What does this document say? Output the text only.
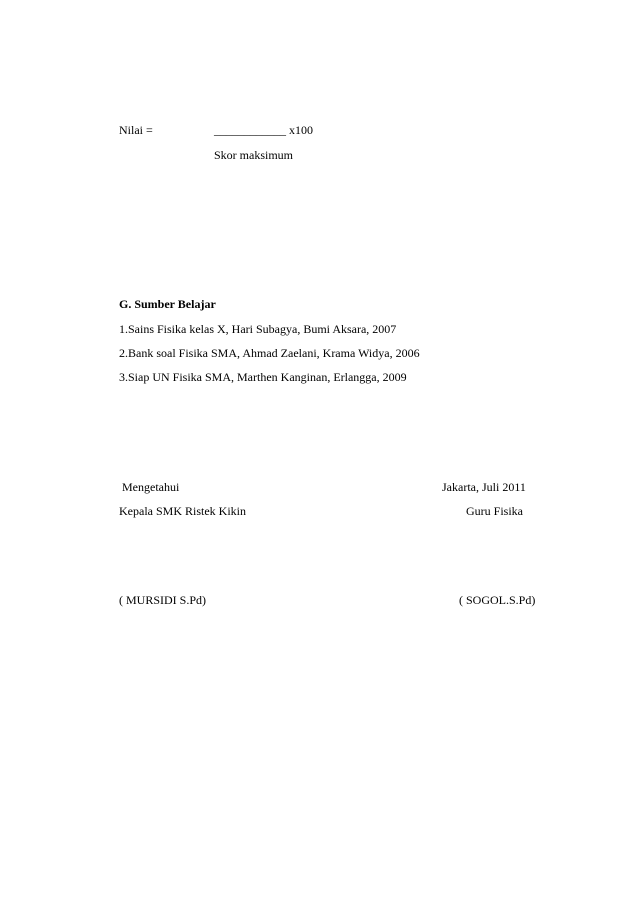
Nilai =	____________ x100
Skor maksimum
G. Sumber Belajar
1.Sains Fisika kelas X, Hari Subagya, Bumi Aksara, 2007
2.Bank soal Fisika SMA, Ahmad Zaelani, Krama Widya, 2006
3.Siap UN Fisika SMA, Marthen Kanginan, Erlangga, 2009
Mengetahui	Jakarta, Juli 2011
Kepala SMK Ristek Kikin	Guru Fisika
( MURSIDI S.Pd)	( SOGOL.S.Pd)
